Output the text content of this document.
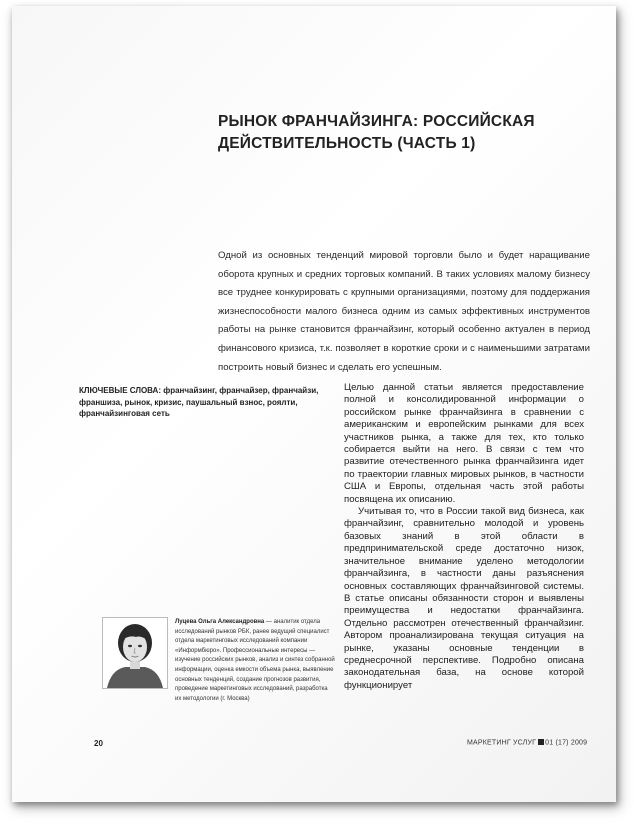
РЫНОК ФРАНЧАЙЗИНГА: РОССИЙСКАЯ
ДЕЙСТВИТЕЛЬНОСТЬ (ЧАСТЬ 1)

Одной из основных тенденций мировой торговли было и будет наращивание оборота крупных и средних торговых компаний. В таких условиях малому бизнесу все труднее конкурировать с крупными организациями, поэтому для поддержания жизнеспособности малого бизнеса одним из самых эффективных инструментов работы на рынке становится франчайзинг, который особенно актуален в период финансового кризиса, т.к. позволяет в короткие сроки и с наименьшими затратами построить новый бизнес и сделать его успешным.

КЛЮЧЕВЫЕ СЛОВА: франчайзинг, франчайзер, франчайзи, франшиза, рынок, кризис, паушальный взнос, роялти, франчайзинговая сеть

Целью данной статьи является предоставление полной и консолидированной информации о российском рынке франчайзинга в сравнении с американским и европейским рынками для всех участников рынка, а также для тех, кто только собирается выйти на него. В связи с тем что развитие отечественного рынка франчайзинга идет по траектории главных мировых рынков, в частности США и Европы, отдельная часть этой работы посвящена их описанию.

Учитывая то, что в России такой вид бизнеса, как франчайзинг, сравнительно молодой и уровень базовых знаний в этой области в предпринимательской среде достаточно низок, значительное внимание уделено методологии франчайзинга, в частности даны разъяснения основных составляющих франчайзинговой системы. В статье описаны обязанности сторон и выявлены преимущества и недостатки франчайзинга. Отдельно рассмотрен отечественный франчайзинг. Автором проанализирована текущая ситуация на рынке, указаны основные тенденции в среднесрочной перспективе. Подробно описана законодательная база, на основе которой функционирует

Луцева Ольга Александровна — аналитик отдела исследований рынков РБК, ранее ведущий специалист отдела маркетинговых исследований компании «Информбюро». Профессиональные интересы — изучение российских рынков, анализ и синтез собранной информации, оценка емкости объема рынка, выявление основных тенденций, создание прогнозов развития, проведение маркетинговых исследований, разработка их методологии (г. Москва)

20	МАРКЕТИНГ УСЛУГ 01 (17) 2009
